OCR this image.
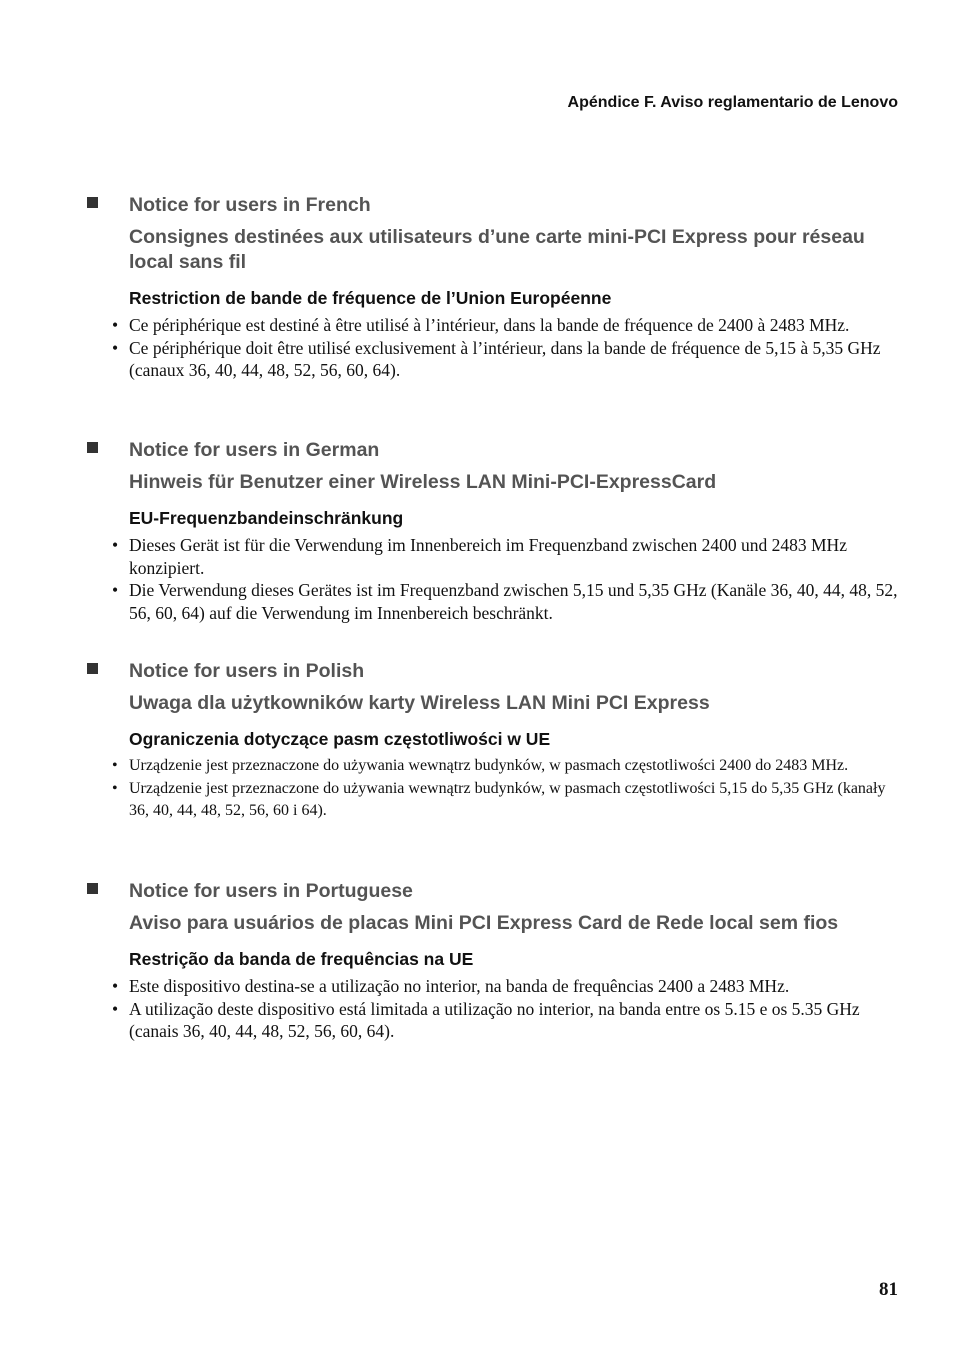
Apéndice F. Aviso reglamentario de Lenovo

Notice for users in French

Consignes destinées aux utilisateurs d’une carte mini-PCI Express pour réseau local sans fil

Restriction de bande de fréquence de l’Union Européenne

• Ce périphérique est destiné à être utilisé à l’intérieur, dans la bande de fréquence de 2400 à 2483 MHz.
• Ce périphérique doit être utilisé exclusivement à l’intérieur, dans la bande de fréquence de 5,15 à 5,35 GHz (canaux 36, 40, 44, 48, 52, 56, 60, 64).

Notice for users in German

Hinweis für Benutzer einer Wireless LAN Mini-PCI-ExpressCard

EU-Frequenzbandeinschränkung

• Dieses Gerät ist für die Verwendung im Innenbereich im Frequenzband zwischen 2400 und 2483 MHz konzipiert.
• Die Verwendung dieses Gerätes ist im Frequenzband zwischen 5,15 und 5,35 GHz (Kanäle 36, 40, 44, 48, 52, 56, 60, 64) auf die Verwendung im Innenbereich beschränkt.

Notice for users in Polish

Uwaga dla użytkowników karty Wireless LAN Mini PCI Express

Ograniczenia dotyczące pasm częstotliwości w UE

• Urządzenie jest przeznaczone do używania wewnątrz budynków, w pasmach częstotliwości 2400 do 2483 MHz.
• Urządzenie jest przeznaczone do używania wewnątrz budynków, w pasmach częstotliwości 5,15 do 5,35 GHz (kanały 36, 40, 44, 48, 52, 56, 60 i 64).

Notice for users in Portuguese

Aviso para usuários de placas Mini PCI Express Card de Rede local sem fios

Restrição da banda de frequências na UE

• Este dispositivo destina-se a utilização no interior, na banda de frequências 2400 a 2483 MHz.
• A utilização deste dispositivo está limitada a utilização no interior, na banda entre os 5.15 e os 5.35 GHz (canais 36, 40, 44, 48, 52, 56, 60, 64).
81
